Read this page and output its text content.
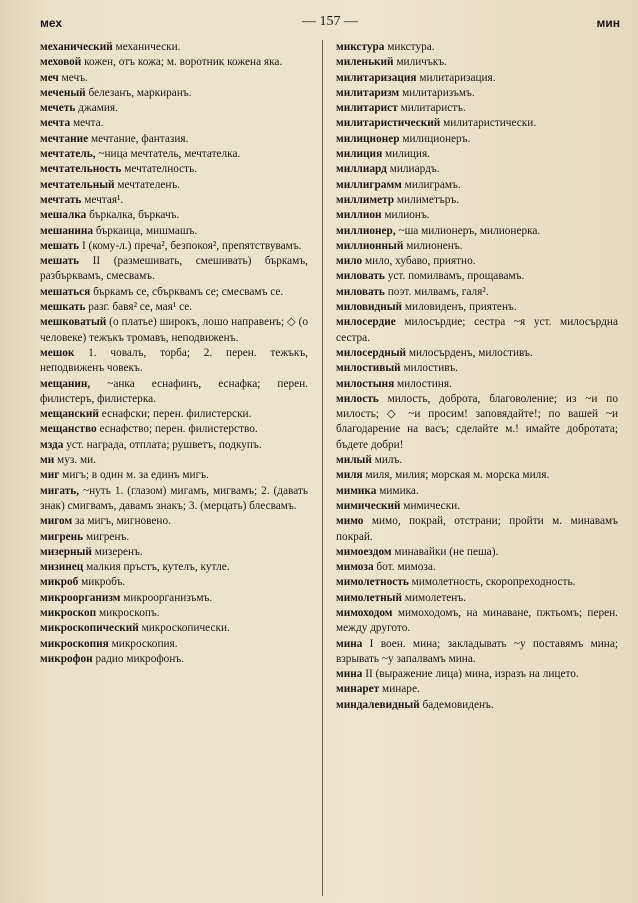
мех	— 157 —	мин

механический механически.

меховой кожен, отъ кожа; м. воротник кожена яка.

меч мечъ.

меченый белезанъ, маркиранъ.

мечеть джамия.

мечта мечта.

мечтание мечтание, фантазия.

мечтатель, ~ница мечтатель, мечтателка.

мечтательность мечтателность.

мечтательный мечтателенъ.

мечтать мечтая¹.

мешалка бъркалка, бъркачъ.

мешанина бъркаица, мишмашъ.

мешать I (кому-л.) преча², безпокоя², препятствувамъ.

мешать II (размешивать, смешивать) бъркамъ, разбърквамъ, смесвамъ.

мешаться бъркамъ се, сбърквамъ се; смесвамъ се.

мешкать разг. бавя² се, мая¹ се.

мешковатый (о платье) широкъ, лошо направенъ; ◇ (о человеке) тежъкъ тромавъ, неподвиженъ.

мешок 1. човалъ, торба; 2. перен. тежъкъ, неподвиженъ човекъ.

мещанин, ~анка еснафинъ, еснафка; перен. филистеръ, филистерка.

мещанский еснафски; перен. филистерски.

мещанство еснафство; перен. филистерство.

мзда уст. награда, отплата; рушветъ, подкупъ.

ми муз. ми.

миг мигъ; в один м. за единъ мигъ.

мигать, ~нуть 1. (глазом) мигамъ, мигвамъ; 2. (давать знак) смигвамъ, давамъ знакъ; 3. (мерцать) блесвамъ.

мигом за мигъ, мигновено.

мигрень мигренъ.

мизерный мизеренъ.

мизинец малкия пръстъ, кутелъ, кутле.

микроб микробъ.

микроорганизм микроорганизъмъ.

микроскоп микроскопъ.

микроскопический микроскопически.

микроскопия микроскопия.

микрофон радио микрофонъ.

микстура микстура.

миленький миличъкъ.

милитаризация милитаризация.

милитаризм милитаризъмъ.

милитарист милитаристъ.

милитаристический милитаристически.

милиционер милиционеръ.

милиция милиция.

миллиард милиардъ.

миллиграмм милиграмъ.

миллиметр милиметъръ.

миллион милионъ.

миллионер, ~ша милионеръ, милионерка.

миллионный милионенъ.

мило мило, хубаво, приятно.

миловать уст. помилвамъ, прощавамъ.

миловать поэт. милвамъ, галя².

миловидный миловиденъ, приятенъ.

милосердие милосърдие; сестра ~я уст. милосърдна сестра.

милосердный милосърденъ, милостивъ.

милостивый милостивъ.

милостыня милостиня.

милость милость, доброта, благоволение; из ~и по милость; ◇ ~и просим! заповядайте!; по вашей ~и благодарение на васъ; сделайте м.! имайте добротата; бъдете добри!

милый милъ.

миля миля, милия; морская м. морска миля.

мимика мимика.

мимический мимически.

мимо мимо, покрай, отстрани; пройти м. минавамъ покрай.

мимоездом минавайки (не пеша).

мимоза бот. мимоза.

мимолетность мимолетность, скоропреходность.

мимолетный мимолетенъ.

мимоходом мимоходомъ, на минаване, пжтьомъ; перен. между другото.

мина I воен. мина; закладывать ~у поставямъ мина; взрывать ~у запалвамъ мина.

мина II (выражение лица) мина, изразъ на лицето.

минарет минаре.

миндалевидный бадемовиденъ.
